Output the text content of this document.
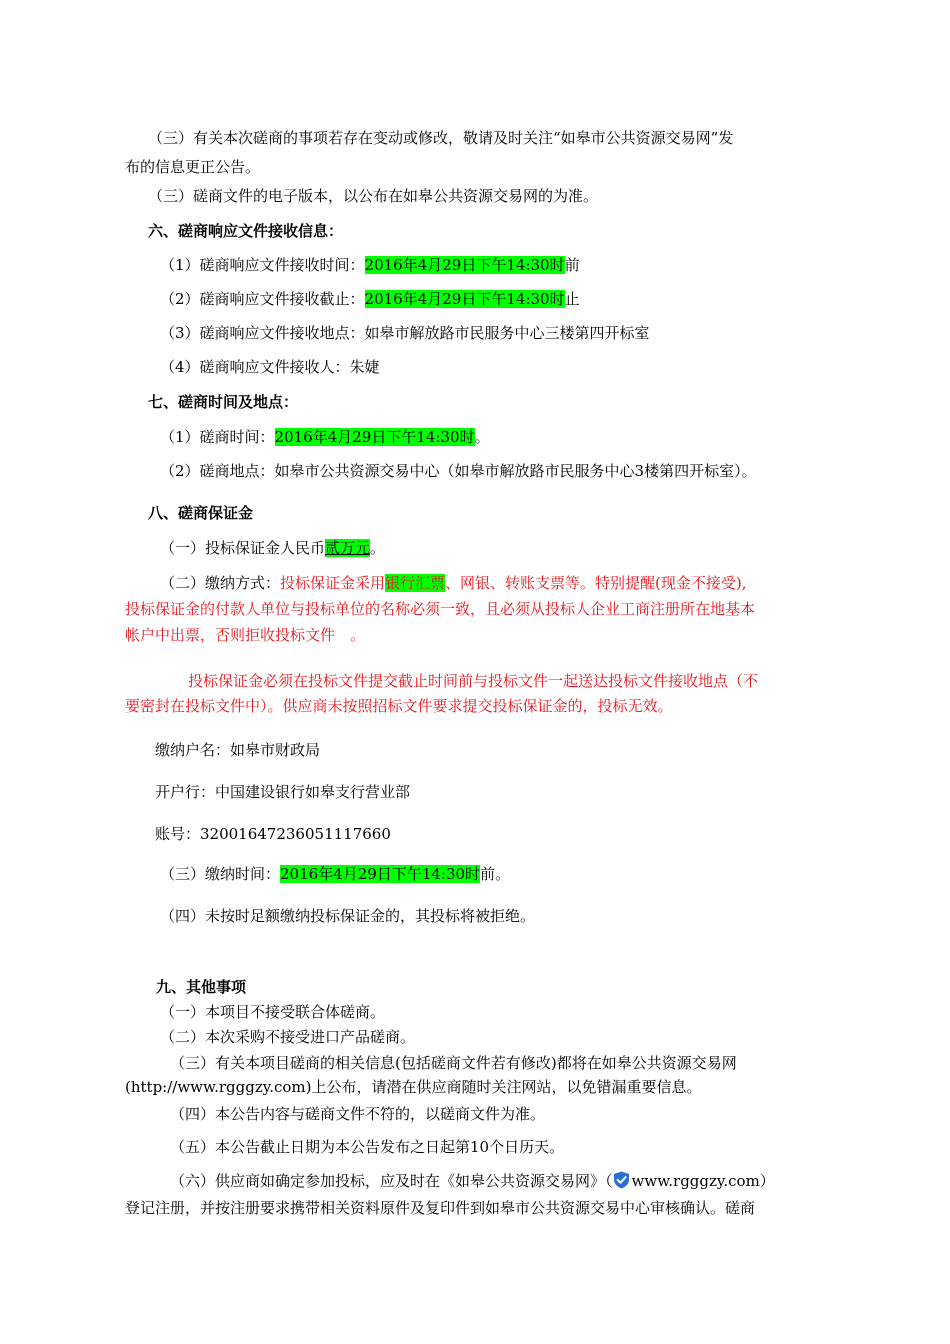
（三）有关本次磋商的事项若存在变动或修改，敬请及时关注“如皋市公共资源交易网”发

布的信息更正公告。

（三）磋商文件的电子版本，以公布在如皋公共资源交易网的为准。

六、磋商响应文件接收信息：

（1）磋商响应文件接收时间：2016年4月29日下午14:30时前

（2）磋商响应文件接收截止：2016年4月29日下午14:30时止

（3）磋商响应文件接收地点：如皋市解放路市民服务中心三楼第四开标室

（4）磋商响应文件接收人：朱婕

七、磋商时间及地点：

（1）磋商时间：2016年4月29日下午14:30时。

（2）磋商地点：如皋市公共资源交易中心（如皋市解放路市民服务中心3楼第四开标室）。

八、磋商保证金

（一）投标保证金人民币贰万元。

（二）缴纳方式：投标保证金采用银行汇票、网银、转账支票等。特别提醒(现金不接受),

投标保证金的付款人单位与投标单位的名称必须一致，且必须从投标人企业工商注册所在地基本

帐户中出票，否则拒收投标文件　。

投标保证金必须在投标文件提交截止时间前与投标文件一起送达投标文件接收地点（不

要密封在投标文件中）。供应商未按照招标文件要求提交投标保证金的，投标无效。

缴纳户名：如皋市财政局

开户行：中国建设银行如皋支行营业部

账号：32001647236051117660

（三）缴纳时间：2016年4月29日下午14:30时前。

（四）未按时足额缴纳投标保证金的，其投标将被拒绝。

九、其他事项

（一）本项目不接受联合体磋商。

（二）本次采购不接受进口产品磋商。

（三）有关本项目磋商的相关信息(包括磋商文件若有修改)都将在如皋公共资源交易网

(http://www.rgggzy.com)上公布，请潜在供应商随时关注网站，以免错漏重要信息。

（四）本公告内容与磋商文件不符的，以磋商文件为准。

（五）本公告截止日期为本公告发布之日起第10个日历天。

（六）供应商如确定参加投标，应及时在《如皋公共资源交易网》（ www.rgggzy.com）

登记注册，并按注册要求携带相关资料原件及复印件到如皋市公共资源交易中心审核确认。磋商
